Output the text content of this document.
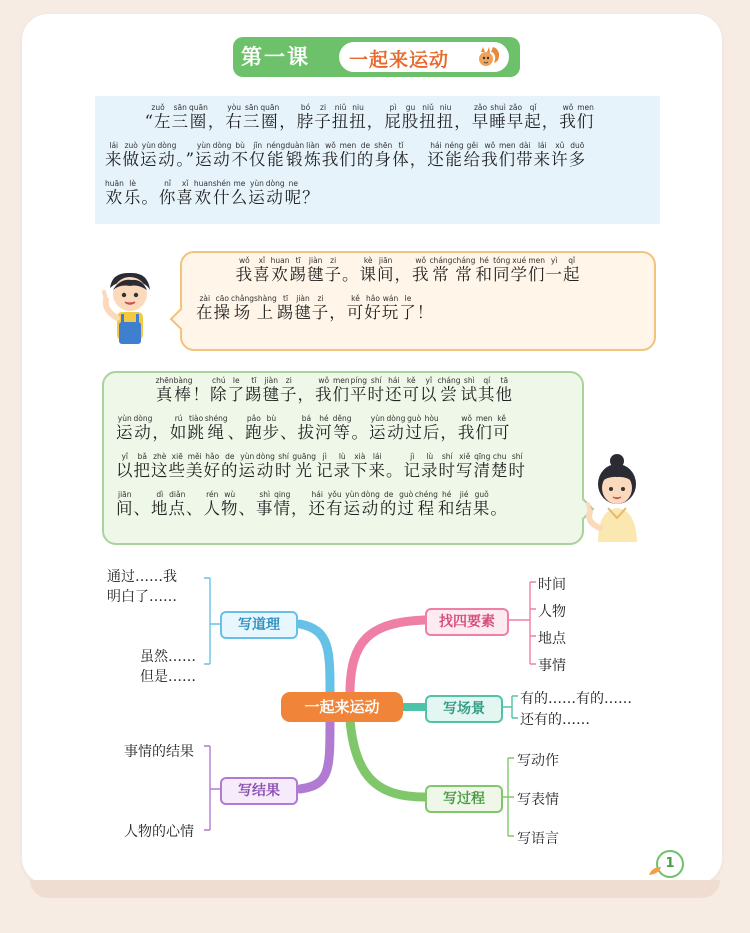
第一课 一起来运动
“左zuǒ三sān圈quān，右yòu三sān圈quān，脖bó子zi扭niǔ扭niu，屁pì股gu扭niǔ扭niu，早zǎo睡shuì早zǎo起qǐ，我wǒ们men
来lái做zuò运yùn动dòng。”运yùn动dòng不bù仅jǐn能néng锻duàn炼liàn我wǒ们men的de身shēn体tǐ，还hái能néng给gěi我wǒ们men带dài来lái许xǔ多duō
欢huān乐lè。你nǐ喜xǐ欢huan什shén么me运yùn动dòng呢ne？
我wǒ喜xǐ欢huan踢tī毽jiàn子zi。课kè间jiān，我wǒ常cháng常cháng和hé同tóng学xué们men一yì起qǐ
在zài操cāo场chǎng上shàng踢tī毽jiàn子zi，可kě好hǎo玩wán了le！
真zhēn棒bàng！除chú了le踢tī毽jiàn子zi，我wǒ们men平píng时shí还hái可kě以yǐ尝cháng试shì其qí他tā
运yùn动dòng，如rú跳tiào绳shéng、跑pǎo步bù、拔bá河hé等děng。运yùn动dòng过guò后hòu，我wǒ们men可kě
以yǐ把bǎ这zhè些xiē美měi好hǎo的de运yùn动dòng时shí光guāng记jì录lù下xià来lái。记jì录lù时shí写xiě清qīng楚chu时shí
间jiān、地dì点diǎn、人rén物wù、事shì情qing，还hái有yǒu运yùn动dòng的de过guò程chéng和hé结jié果guǒ。
一起来运动
写道理
写结果
找四要素
写场景
写过程
通过……我
明白了……
虽然……
但是……
事情的结果
人物的心情
时间
人物
地点
事情
有的……有的……
还有的……
写动作
写表情
写语言
1
